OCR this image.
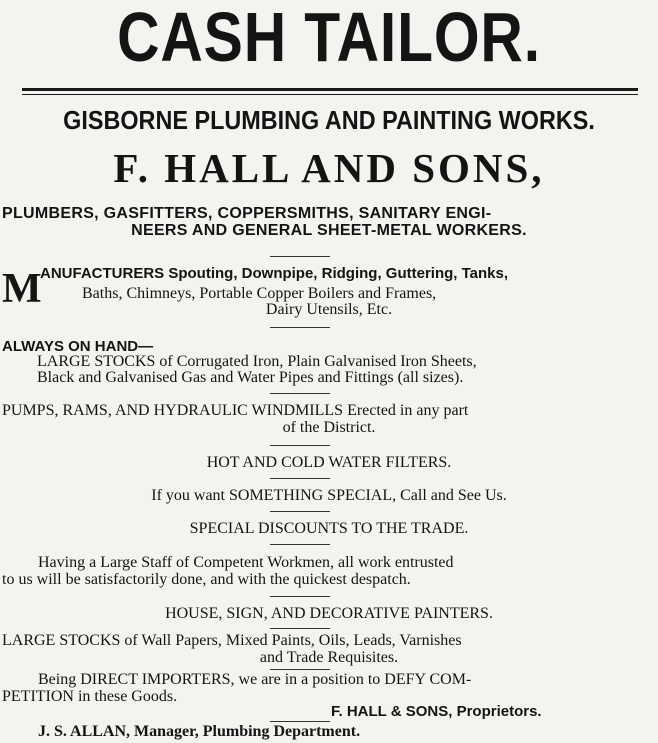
CASH TAILOR.
GISBORNE PLUMBING AND PAINTING WORKS.
F. HALL AND SONS,
PLUMBERS, GASFITTERS, COPPERSMITHS, SANITARY ENGI-
NEERS AND GENERAL SHEET-METAL WORKERS.
M
ANUFACTURERS Spouting, Downpipe, Ridging, Guttering, Tanks,
Baths, Chimneys, Portable Copper Boilers and Frames,
Dairy Utensils, Etc.
ALWAYS ON HAND—
LARGE STOCKS of Corrugated Iron, Plain Galvanised Iron Sheets,
Black and Galvanised Gas and Water Pipes and Fittings (all sizes).
PUMPS, RAMS, AND HYDRAULIC WINDMILLS Erected in any part
of the District.
HOT AND COLD WATER FILTERS.
If you want SOMETHING SPECIAL, Call and See Us.
SPECIAL DISCOUNTS TO THE TRADE.
Having a Large Staff of Competent Workmen, all work entrusted
to us will be satisfactorily done, and with the quickest despatch.
HOUSE, SIGN, AND DECORATIVE PAINTERS.
LARGE STOCKS of Wall Papers, Mixed Paints, Oils, Leads, Varnishes
and Trade Requisites.
Being DIRECT IMPORTERS, we are in a position to DEFY COM-
PETITION in these Goods.
F. HALL & SONS, Proprietors.
J. S. ALLAN, Manager, Plumbing Department.
